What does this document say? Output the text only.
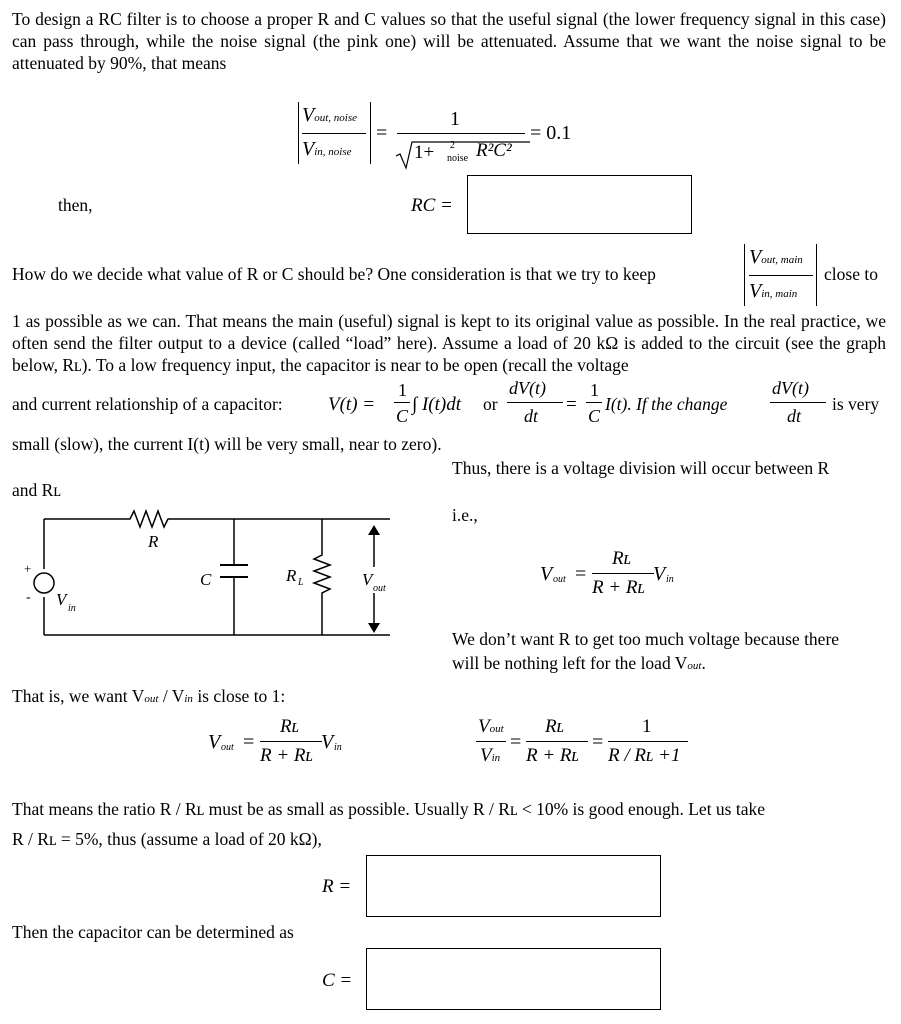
To design a RC filter is to choose a proper R and C values so that the useful signal (the lower frequency signal in this case) can pass through, while the noise signal (the pink one) will be attenuated. Assume that we want the noise signal to be attenuated by 90%, that means
Vout, noise
Vin, noise
=
1
1+ 2
noise R²C²
= 0.1
then,	RC =
How do we decide what value of R or C should be? One consideration is that we try to keep
Vout, main
Vin, main
close to
1 as possible as we can. That means the main (useful) signal is kept to its original value as possible. In the real practice, we often send the filter output to a device (called “load” here). Assume a load of 20 kΩ is added to the circuit (see the graph below, Rʟ). To a low frequency input, the capacitor is near to be open (recall the voltage
and current relationship of a capacitor: V(t) =
1
C
∫ I(t)dt or
dV(t)
dt
=
1
C
I(t). If the change
dV(t)
dt
is very
small (slow), the current I(t) will be very small, near to zero).
Thus, there is a voltage division will occur between R
and Rʟ
i.e.,
R
C	R L	V out
V in
+
-
V out =
Rʟ
R + Rʟ
V in
We don’t want R to get too much voltage because there
will be nothing left for the load Vout.
That is, we want Vout / Vin is close to 1:
V out =
Rʟ
R + Rʟ
V in
Vout
Vin
=
Rʟ
R + Rʟ
=
1
R / Rʟ +1
That means the ratio R / Rʟ must be as small as possible. Usually R / Rʟ < 10% is good enough. Let us take
R / Rʟ = 5%, thus (assume a load of 20 kΩ),
R =
Then the capacitor can be determined as
C =
